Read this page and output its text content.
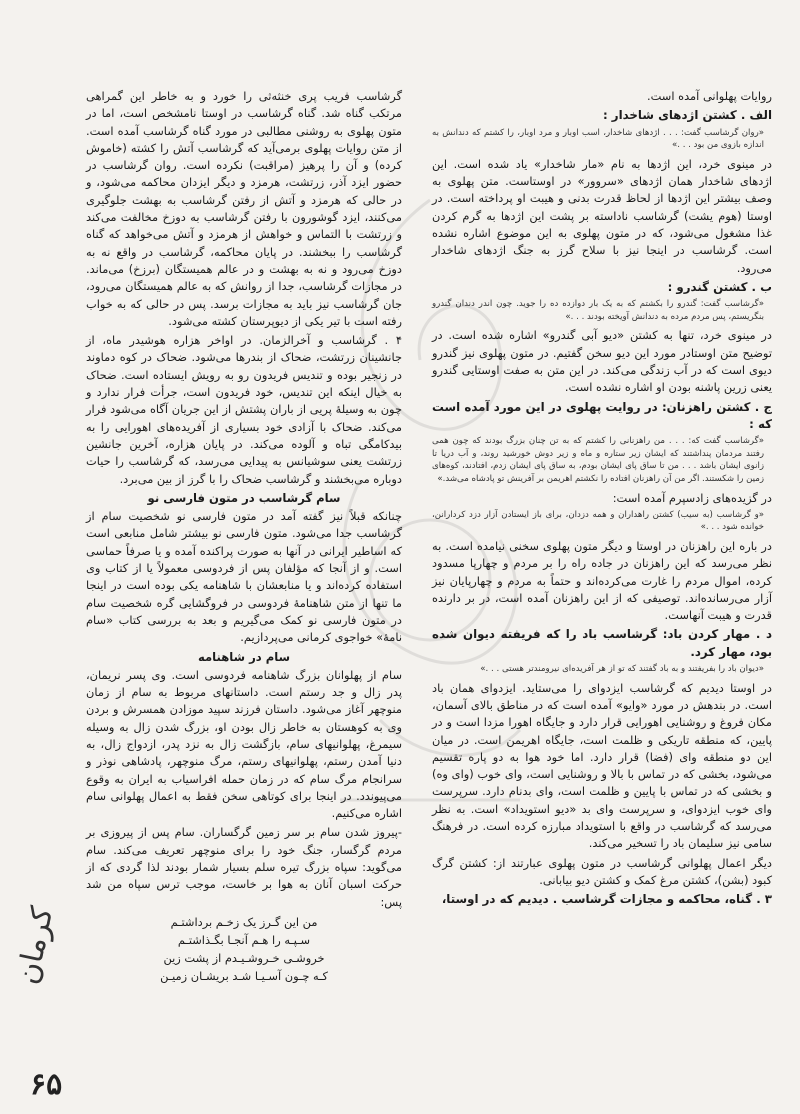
روایات پهلوانی آمده است.

الف . کشتن اژدهای شاخدار :

«روان گرشاسب گفت: . . . اژدهای شاخدار، اسب اوبار و مرد اوبار، را کشتم که دندانش به اندازه بازوی من بود . . .»

در مینوی خرد، این اژدها به نام «مار شاخدار» یاد شده است. این اژدهای شاخدار همان اژدهای «سروور» در اوستاست. متن پهلوی به وصف بیشتر این اژدها از لحاظ قدرت بدنی و هیبت او پرداخته است. در اوستا (هوم یشت) گرشاسب ناداسته بر پشت این اژدها به گرم کردن غذا مشغول می‌شود، که در متون پهلوی به این موضوع اشاره نشده است. گرشاسب در اینجا نیز با سلاح گرز به جنگ اژدهای شاخدار می‌رود.

ب . کشتن گندرو :

«گرشاسب گفت: گندرو را بکشتم که به یک بار دوازده ده را جوید. چون اندر دندان گندرو بنگریستم، پس مردم مرده به دندانش آویخته بودند . . .»

در مینوی خرد، تنها به کشتن «دیو آبی گندرو» اشاره شده است. در توضیح متن اوستادر مورد این دیو سخن گفتیم. در متون پهلوی نیز گندرو دیوی است که در آب زندگی می‌کند. در این متن به صفت اوستایی گندرو یعنی زرین پاشنه بودن او اشاره نشده است.

ج . کشتن راهزنان: در روایت پهلوی در این مورد آمده است که :

«گرشاسب گفت که: . . . من راهزنانی را کشتم که به تن چنان بزرگ بودند که چون همی رفتند مردمان پنداشتند که ایشان زیر ستاره و ماه و زیر دوش خورشید روند، و آب دریا تا زانوی ایشان باشد . . . من تا ساق پای ایشان بودم، به ساق پای ایشان زدم، افتادند، کوه‌های زمین را شکستند. اگر من آن راهزنان افتاده را نکشتم اهریمن بر آفرینش تو پادشاه می‌شد.»

در گزیده‌های زادسپرم آمده است:

«و گرشاسب (به سیب) کشتن راهداران و همه دزدان، برای باز ایستادن آزار دزد کردارانن، خوانده شود . . .»

در باره این راهزنان در اوستا و دیگر متون پهلوی سخنی نیامده است. به نظر می‌رسد که این راهزنان در جاده راه را بر مردم و چهارپا مسدود کرده، اموال مردم را غارت می‌کرده‌اند و حتماً به مردم و چهارپایان نیز آزار می‌رسانده‌اند. توصیفی که از این راهزنان آمده است، در بر دارنده قدرت و هیبت آنهاست.

د . مهار کردن باد: گرشاسب باد را که فریفته دیوان شده بود، مهار کرد.

«دیوان باد را بفریفتند و به باد گفتند که تو از هر آفریده‌ای نیرومندتر هستی . . .»

در اوستا دیدیم که گرشاسب ایزدوای را می‌ستاید. ایزدوای همان باد است. در بندهش در مورد «وایو» آمده است که در مناطق بالای آسمان، مکان فروغ و روشنایی اهورایی قرار دارد و جایگاه اهورا مزدا است و در پایین، که منطقه تاریکی و ظلمت است، جایگاه اهریمن است. در میان این دو منطقه وای (فضا) قرار دارد. اما خود هوا به دو پاره تقسیم می‌شود، بخشی که در تماس با بالا و روشنایی است، وای خوب (وای وه) و بخشی که در تماس با پایین و ظلمت است، وای بدنام دارد. سرپرست وای خوب ایزدوای، و سرپرست وای بد «دیو استویداد» است. به نظر می‌رسد که گرشاسب در واقع با استویداد مبارزه کرده است. در فرهنگ سامی نیز سلیمان باد را تسخیر می‌کند.

دیگر اعمال پهلوانی گرشاسب در متون پهلوی عبارتند از: کشتن گرگ کبود (بشن)، کشتن مرغ کمک و کشتن دیو بیابانی.

۳ . گناه، محاکمه و مجازات گرشاسب . دیدیم که در اوستا،

گرشاسب فریب پری خنثه‌ثی را خورد و به خاطر این گمراهی مرتکب گناه شد. گناه گرشاسب در اوستا نامشخص است، اما در متون پهلوی به روشنی مطالبی در مورد گناه گرشاسب آمده است. از متن روایات پهلوی برمی‌آید که گرشاسب آتش را کشته (خاموش کرده) و آن را پرهیز (مراقبت) نکرده است. روان گرشاسب در حضور ایزد آذر، زرتشت، هرمزد و دیگر ایزدان محاکمه می‌شود، و در حالی که هرمزد و آتش از رفتن گرشاسب به بهشت جلوگیری می‌کنند، ایزد گوشورون با رفتن گرشاسب به دوزخ مخالفت می‌کند و زرتشت با التماس و خواهش از هرمزد و آتش می‌خواهد که گناه گرشاسب را ببخشند. در پایان محاکمه، گرشاسب در واقع نه به دوزخ می‌رود و نه به بهشت و در عالم همیستگان (برزخ) می‌ماند. در مجازات گرشاسب، جدا از روانش که به عالم همیستگان می‌رود، جان گرشاسب نیز باید به مجازات برسد. پس در حالی که به خواب رفته است با تیر یکی از دیوپرستان کشته می‌شود.

۴ . گرشاسب و آخرالزمان. در اواخر هزاره هوشیدر ماه، از جانشینان زرتشت، ضحاک از بندرها می‌شود. ضحاک در کوه دماوند در زنجیر بوده و تندیس فریدون رو به رویش ایستاده است. ضحاک به خیال اینکه این تندیس، خود فریدون است، جرأت فرار ندارد و چون به وسیلهٔ پریی از باران پشتش از این جریان آگاه می‌شود فرار می‌کند. ضحاک با آزادی خود بسیاری از آفریده‌های اهورایی را به بیدکامگی تباه و آلوده می‌کند. در پایان هزاره، آخرین جانشین زرتشت یعنی سوشیانس به پیدایی می‌رسد، که گرشاسب را حیات دوباره می‌بخشند و گرشاسب ضحاک را با گرز از بین می‌برد.

سام گرشاسب در متون فارسی نو

چنانکه قبلاً نیز گفته آمد در متون فارسی نو شخصیت سام از گرشاسب جدا می‌شود. متون فارسی نو بیشتر شامل منابعی است که اساطیر ایرانی در آنها به صورت پراکنده آمده و یا صرفاً حماسی است. و از آنجا که مؤلفان پس از فردوسی معمولاً یا از کتاب وی استفاده کرده‌اند و یا منابعشان با شاهنامه یکی بوده است در اینجا ما تنها از متن شاهنامهٔ فردوسی در فروگشایی گره شخصیت سام در متون فارسی نو کمک می‌گیریم و بعد به بررسی کتاب «سام نامهٔ» خواجوی کرمانی می‌پردازیم.

سام در شاهنامه

سام از پهلوانان بزرگ شاهنامه فردوسی است. وی پسر نریمان، پدر زال و جد رستم است. داستانهای مربوط به سام از زمان منوچهر آغاز می‌شود. داستان فرزند سپید موزادن همسرش و بردن وی به کوهستان به خاطر زال بودن او، بزرگ شدن زال به وسیله سیمرغ، پهلوانیهای سام، بازگشت زال به نزد پدر، ازدواج زال، به دنیا آمدن رستم، پهلوانیهای رستم، مرگ منوچهر، پادشاهی نوذر و سرانجام مرگ سام که در زمان حمله افراسیاب به ایران به وقوع می‌پیوندد. در اینجا برای کوتاهی سخن فقط به اعمال پهلوانی سام اشاره می‌کنیم.

-پیروز شدن سام بر سر زمین گرگساران. سام پس از پیروزی بر مردم گرگسار، جنگ خود را برای منوچهر تعریف می‌کند. سام می‌گوید: سپاه بزرگ تیره سلم بسیار شمار بودند لذا گردی که از حرکت اسبان آنان به هوا بر خاست، موجب ترس سپاه من شد پس:

من این گـرز یک زخـم برداشتـم

سـپـه را هـم آنجـا بگـذاشتـم

خروشـی خـروشـیـدم از پشت زین

کـه چـون آسـیـا شـد بریشـان زمیـن

کرمان
۶۵
